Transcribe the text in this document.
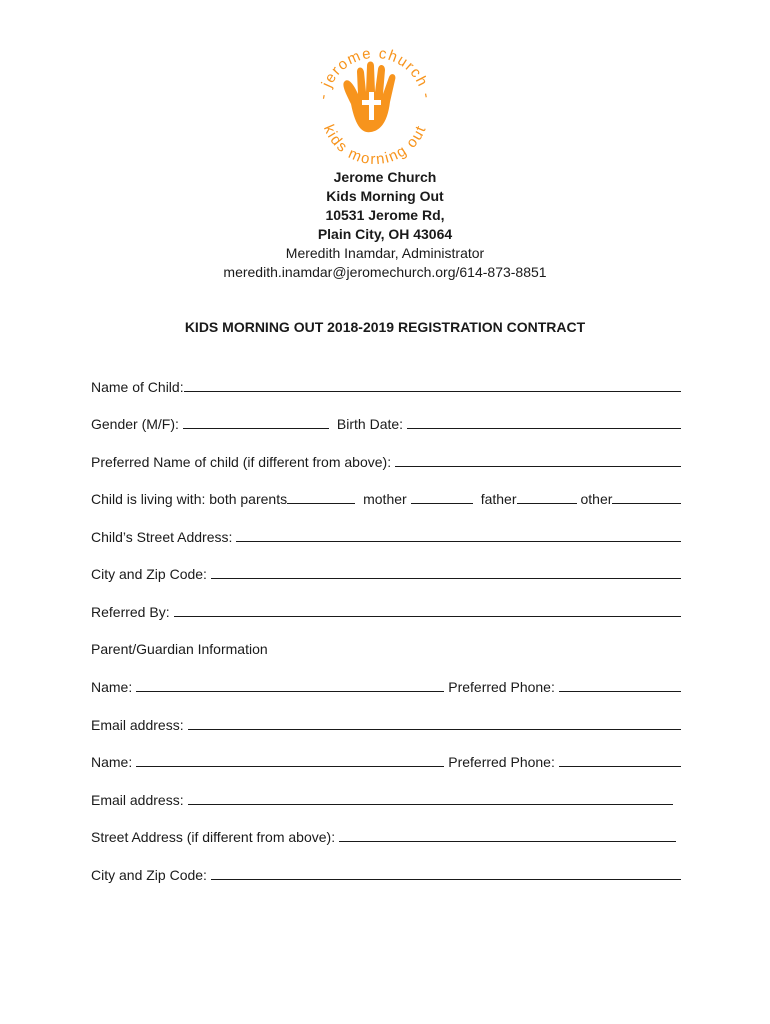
- jerome church -
kids morning out
Jerome Church
Kids Morning Out
10531 Jerome Rd,
Plain City, OH 43064
Meredith Inamdar, Administrator
meredith.inamdar@jeromechurch.org/614-873-8851
KIDS MORNING OUT 2018-2019 REGISTRATION CONTRACT
Name of Child:
Gender (M/F):	Birth Date:
Preferred Name of child (if different from above):
Child is living with: both parents	mother	father	other
Child’s Street Address:
City and Zip Code:
Referred By:
Parent/Guardian Information
Name:	Preferred Phone:
Email address:
Name:	Preferred Phone:
Email address:
Street Address (if different from above):
City and Zip Code:
